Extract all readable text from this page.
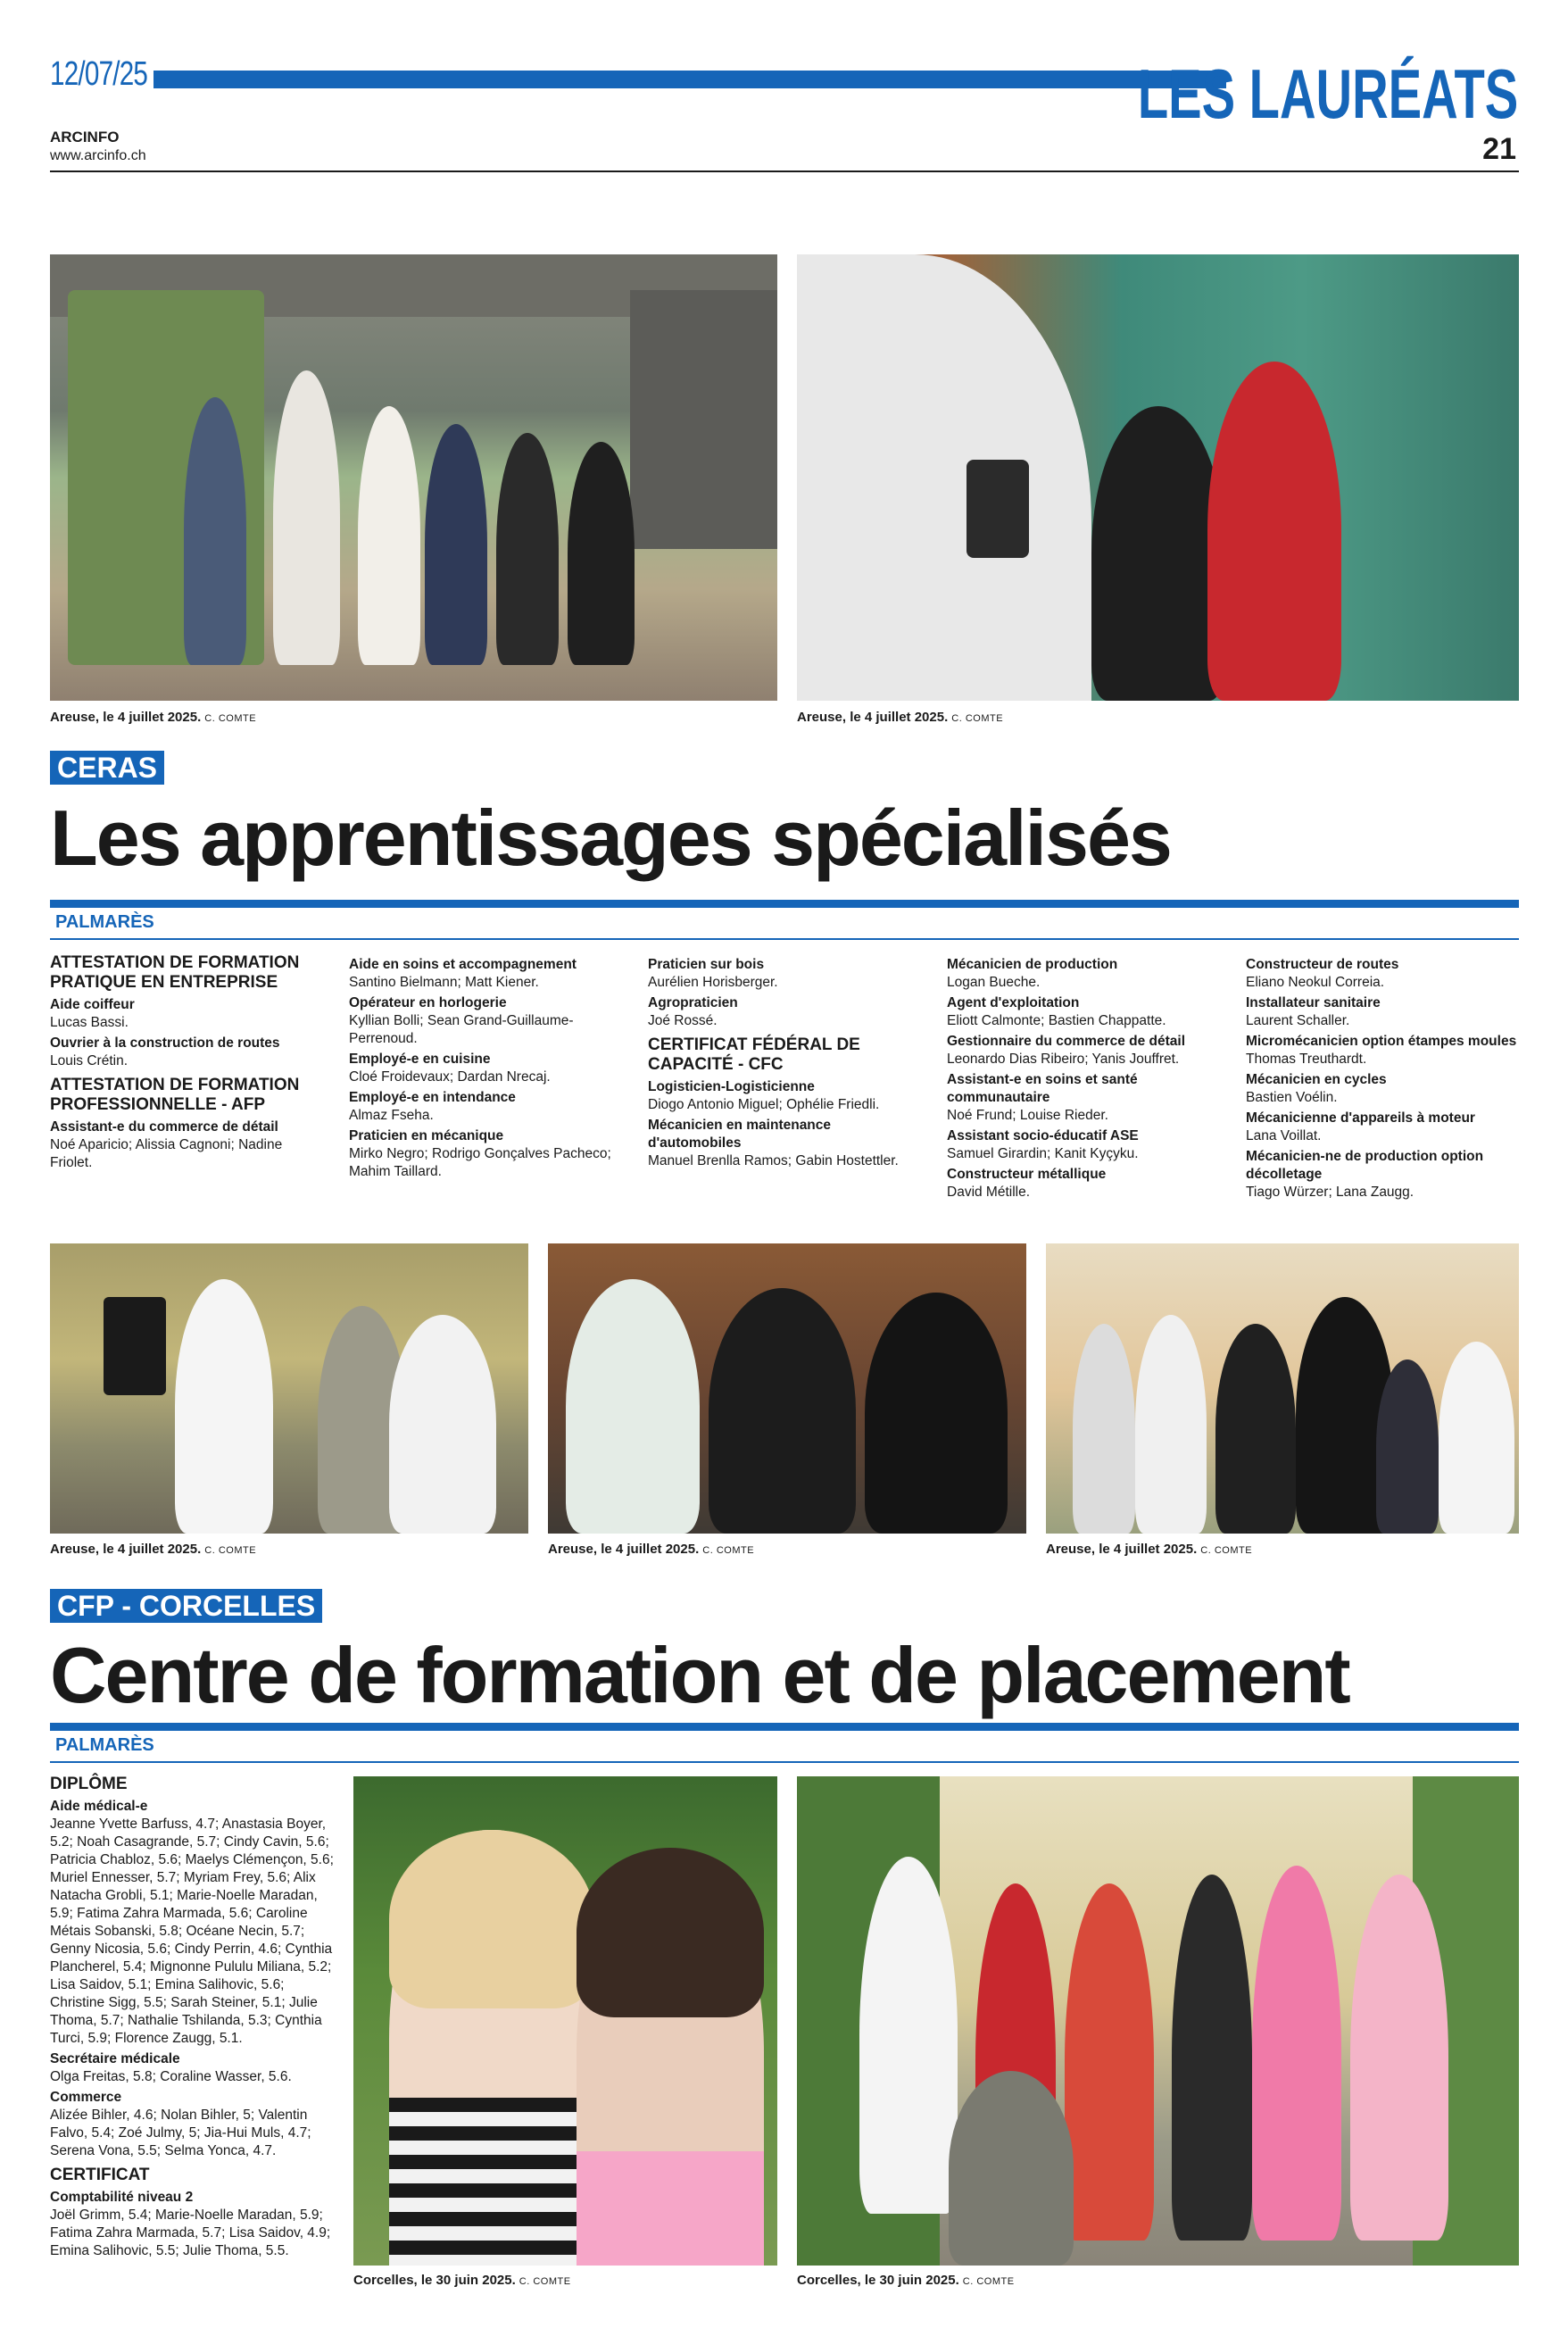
12/07/25	LES LAURÉATS
ARCINFO
www.arcinfo.ch	21
Areuse, le 4 juillet 2025. C. COMTE	Areuse, le 4 juillet 2025. C. COMTE
CERAS
Les apprentissages spécialisés
PALMARÈS
ATTESTATION DE FORMATION PRATIQUE EN ENTREPRISE
Aide coiffeur
Lucas Bassi.
Ouvrier à la construction de routes
Louis Crétin.
ATTESTATION DE FORMATION PROFESSIONNELLE - AFP
Assistant-e du commerce de détail
Noé Aparicio; Alissia Cagnoni; Nadine Friolet.
Aide en soins et accompagnement
Santino Bielmann; Matt Kiener.
Opérateur en horlogerie
Kyllian Bolli; Sean Grand-Guillaume-Perrenoud.
Employé-e en cuisine
Cloé Froidevaux; Dardan Nrecaj.
Employé-e en intendance
Almaz Fseha.
Praticien en mécanique
Mirko Negro; Rodrigo Gonçalves Pacheco; Mahim Taillard.
Praticien sur bois
Aurélien Horisberger.
Agropraticien
Joé Rossé.
CERTIFICAT FÉDÉRAL DE CAPACITÉ - CFC
Logisticien-Logisticienne
Diogo Antonio Miguel; Ophélie Friedli.
Mécanicien en maintenance d'automobiles
Manuel Brenlla Ramos; Gabin Hostettler.
Mécanicien de production
Logan Bueche.
Agent d'exploitation
Eliott Calmonte; Bastien Chappatte.
Gestionnaire du commerce de détail
Leonardo Dias Ribeiro; Yanis Jouffret.
Assistant-e en soins et santé communautaire
Noé Frund; Louise Rieder.
Assistant socio-éducatif ASE
Samuel Girardin; Kanit Kyçyku.
Constructeur métallique
David Métille.
Constructeur de routes
Eliano Neokul Correia.
Installateur sanitaire
Laurent Schaller.
Micromécanicien option étampes moules
Thomas Treuthardt.
Mécanicien en cycles
Bastien Voélin.
Mécanicienne d'appareils à moteur
Lana Voillat.
Mécanicien-ne de production option décolletage
Tiago Würzer; Lana Zaugg.
Areuse, le 4 juillet 2025. C. COMTE	Areuse, le 4 juillet 2025. C. COMTE	Areuse, le 4 juillet 2025. C. COMTE
CFP - CORCELLES
Centre de formation et de placement
PALMARÈS
DIPLÔME
Aide médical-e
Jeanne Yvette Barfuss, 4.7; Anastasia Boyer, 5.2; Noah Casagrande, 5.7; Cindy Cavin, 5.6; Patricia Chabloz, 5.6; Maelys Clémençon, 5.6; Muriel Ennesser, 5.7; Myriam Frey, 5.6; Alix Natacha Grobli, 5.1; Marie-Noelle Maradan, 5.9; Fatima Zahra Marmada, 5.6; Caroline Métais Sobanski, 5.8; Océane Necin, 5.7; Genny Nicosia, 5.6; Cindy Perrin, 4.6; Cynthia Plancherel, 5.4; Mignonne Pululu Miliana, 5.2; Lisa Saidov, 5.1; Emina Salihovic, 5.6; Christine Sigg, 5.5; Sarah Steiner, 5.1; Julie Thoma, 5.7; Nathalie Tshilanda, 5.3; Cynthia Turci, 5.9; Florence Zaugg, 5.1.
Secrétaire médicale
Olga Freitas, 5.8; Coraline Wasser, 5.6.
Commerce
Alizée Bihler, 4.6; Nolan Bihler, 5; Valentin Falvo, 5.4; Zoé Julmy, 5; Jia-Hui Muls, 4.7; Serena Vona, 5.5; Selma Yonca, 4.7.
CERTIFICAT
Comptabilité niveau 2
Joël Grimm, 5.4; Marie-Noelle Maradan, 5.9; Fatima Zahra Marmada, 5.7; Lisa Saidov, 4.9; Emina Salihovic, 5.5; Julie Thoma, 5.5.
Corcelles, le 30 juin 2025. C. COMTE	Corcelles, le 30 juin 2025. C. COMTE
